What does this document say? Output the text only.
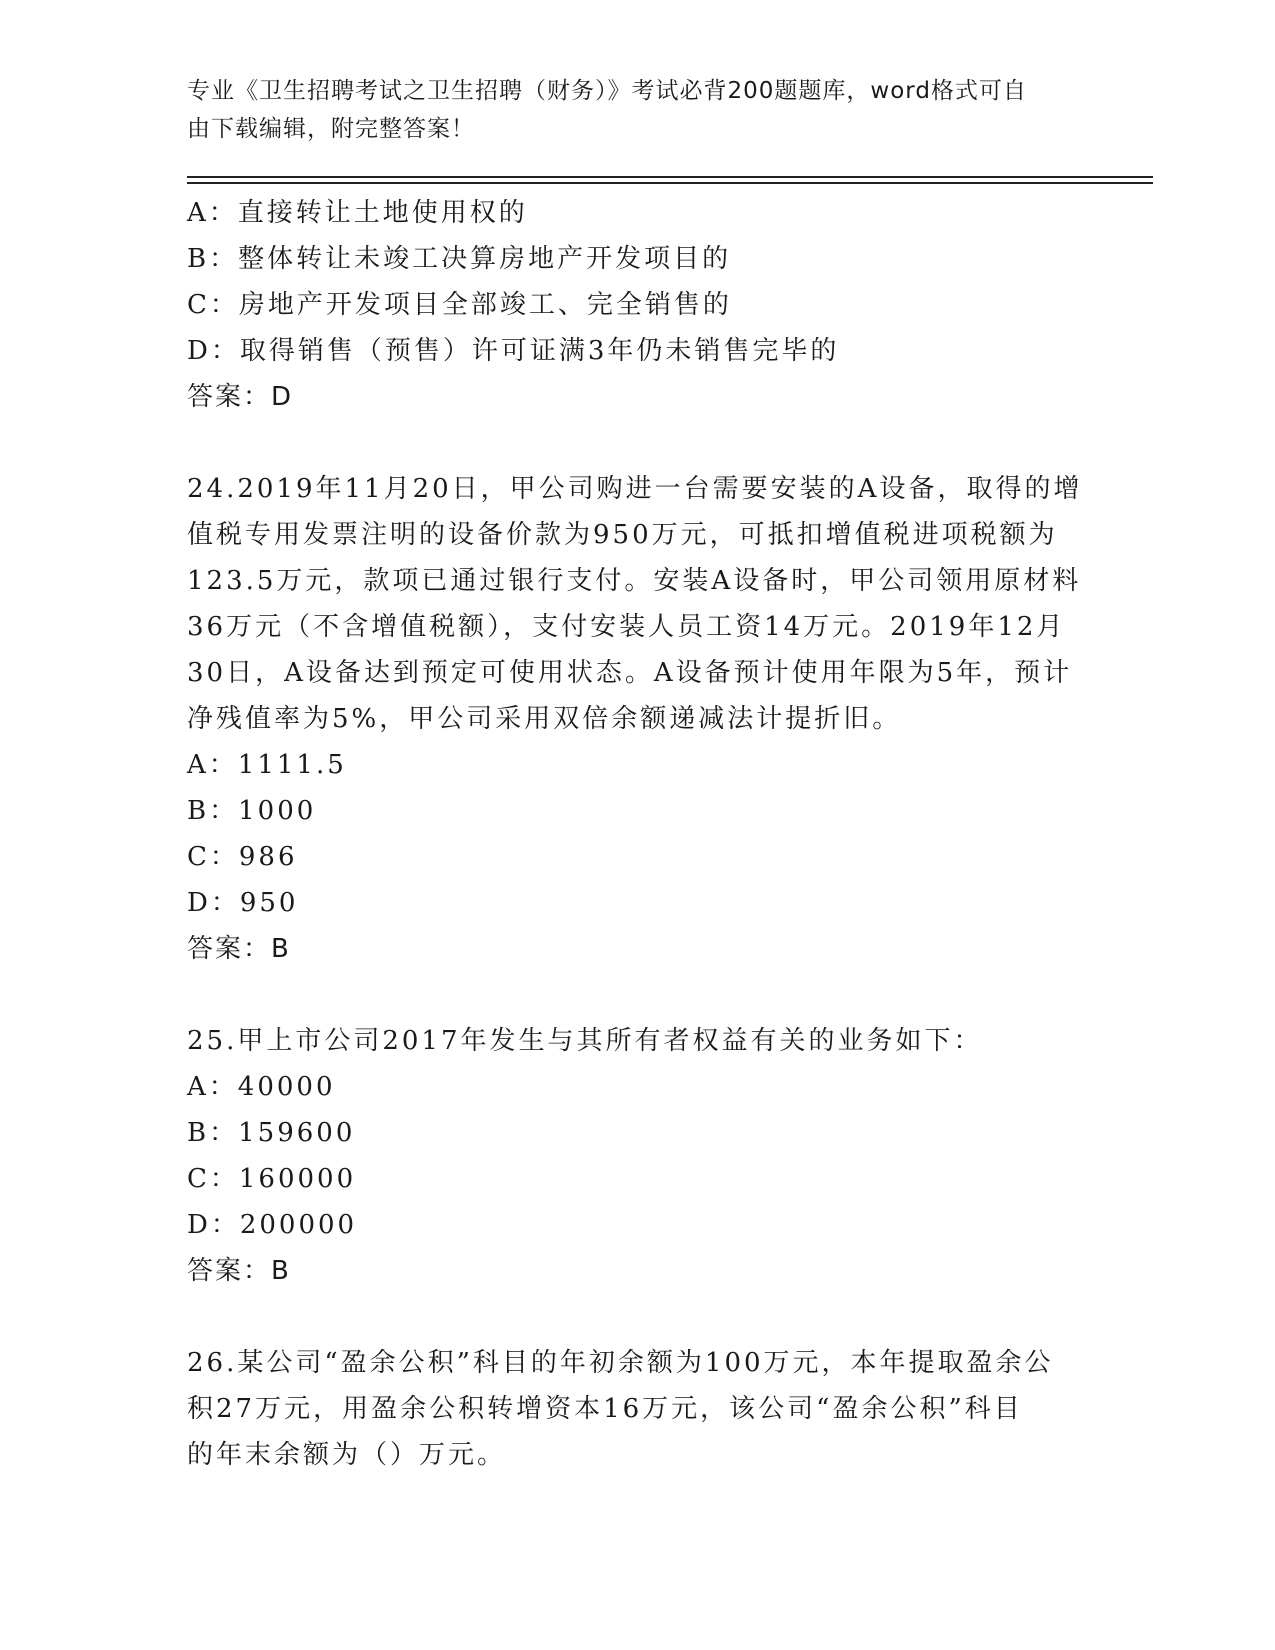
专业《卫生招聘考试之卫生招聘（财务）》考试必背200题题库，word格式可自
由下载编辑，附完整答案！
A：直接转让土地使用权的
B：整体转让未竣工决算房地产开发项目的
C：房地产开发项目全部竣工、完全销售的
D：取得销售（预售）许可证满3年仍未销售完毕的
答案：D
24.2019年11月20日，甲公司购进一台需要安装的A设备，取得的增
值税专用发票注明的设备价款为950万元，可抵扣增值税进项税额为
123.5万元，款项已通过银行支付。安装A设备时，甲公司领用原材料
36万元（不含增值税额），支付安装人员工资14万元。2019年12月
30日，A设备达到预定可使用状态。A设备预计使用年限为5年，预计
净残值率为5%，甲公司采用双倍余额递减法计提折旧。
A：1111.5
B：1000
C：986
D：950
答案：B
25.甲上市公司2017年发生与其所有者权益有关的业务如下：
A：40000
B：159600
C：160000
D：200000
答案：B
26.某公司“盈余公积”科目的年初余额为100万元，本年提取盈余公
积27万元，用盈余公积转增资本16万元，该公司“盈余公积”科目
的年末余额为（）万元。
